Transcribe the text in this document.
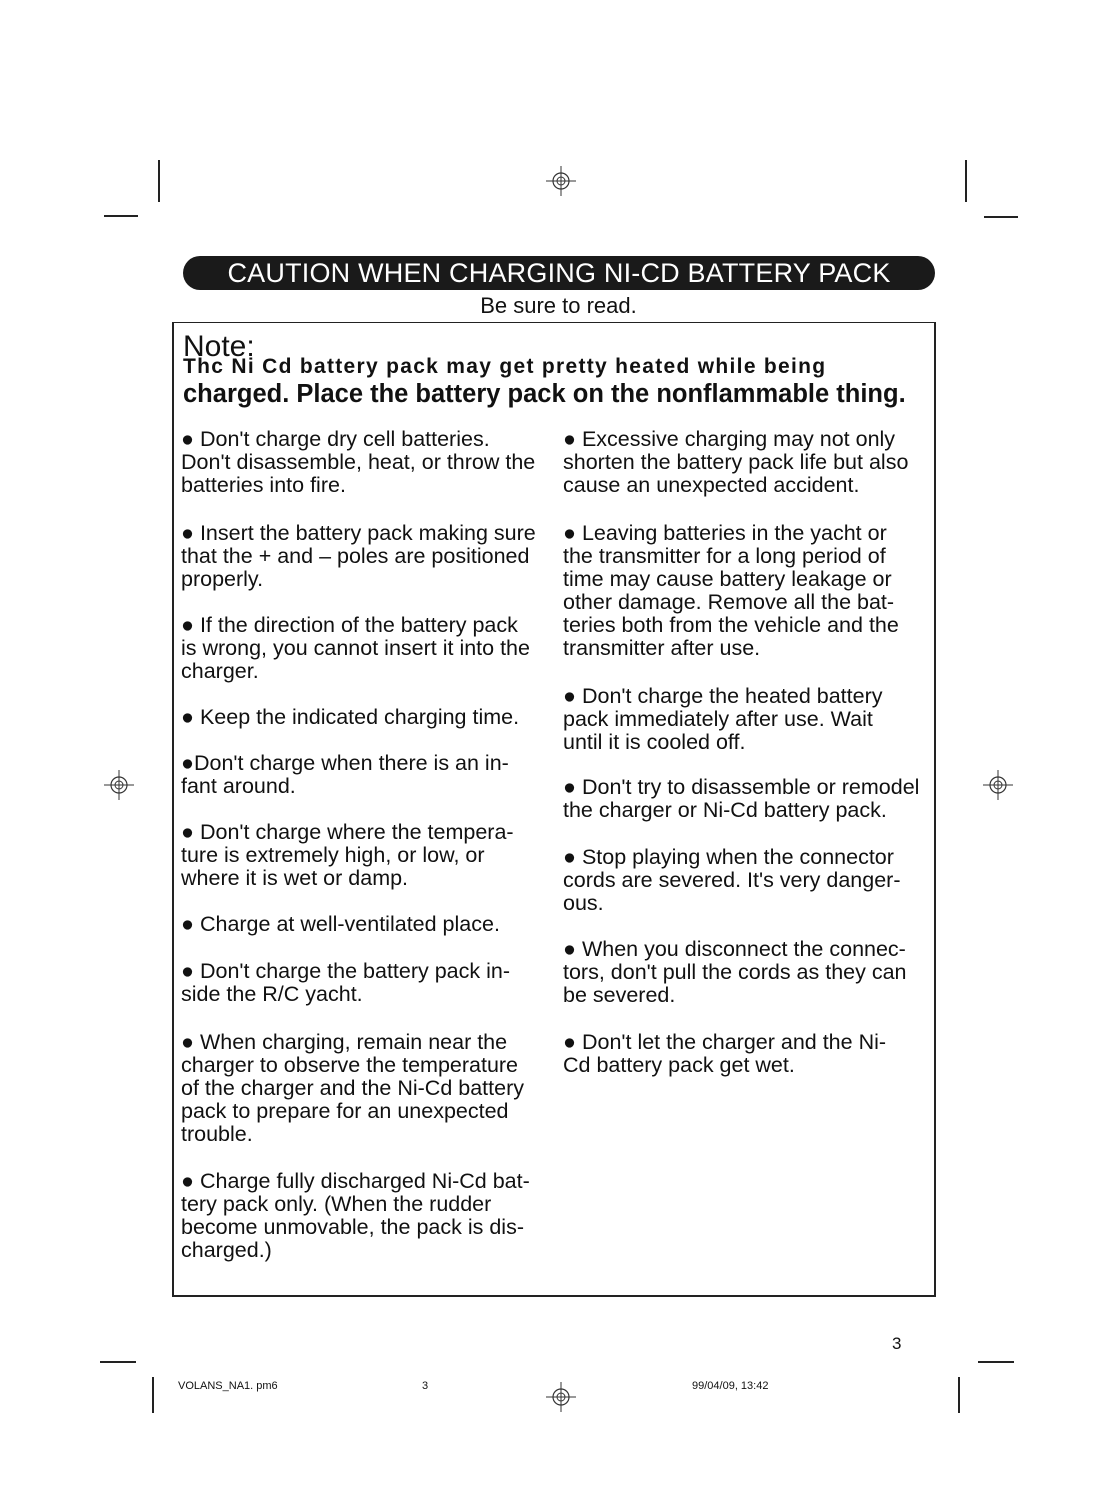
CAUTION WHEN CHARGING NI-CD BATTERY PACK
Be sure to read.
Note:
Thc Ni Cd battery pack may get pretty heated while being
charged. Place the battery pack on the nonflammable thing.

● Don't charge dry cell batteries.

Don't disassemble, heat, or throw the

batteries into fire.

● Insert the battery pack making sure

that the + and – poles are positioned

properly.

● If the direction of the battery pack

is wrong, you cannot insert it into the

charger.

● Keep the indicated charging time.

●Don't charge when there is an in-

fant around.

● Don't charge where the tempera-

ture is extremely high, or low, or

where it is wet or damp.

● Charge at well-ventilated place.

● Don't charge the battery pack in-

side the R/C yacht.

● When charging, remain near the

charger to observe the temperature

of the charger and the Ni-Cd battery

pack to prepare for an unexpected

trouble.

● Charge fully discharged Ni-Cd bat-

tery pack only. (When the rudder

become unmovable, the pack is dis-

charged.)

● Excessive charging may not only

shorten the battery pack life but also

cause an unexpected accident.

● Leaving batteries in the yacht or

the transmitter for a long period of

time may cause battery leakage or

other damage. Remove all the bat-

teries both from the vehicle and the

transmitter after use.

● Don't charge the heated battery

pack immediately after use. Wait

until it is cooled off.

● Don't try to disassemble or remodel

the charger or Ni-Cd battery pack.

● Stop playing when the connector

cords are severed. It's very danger-

ous.

● When you disconnect the connec-

tors, don't pull the cords as they can

be severed.

● Don't let the charger and the Ni-

Cd battery pack get wet.

3
VOLANS_NA1. pm6	3	99/04/09, 13:42
